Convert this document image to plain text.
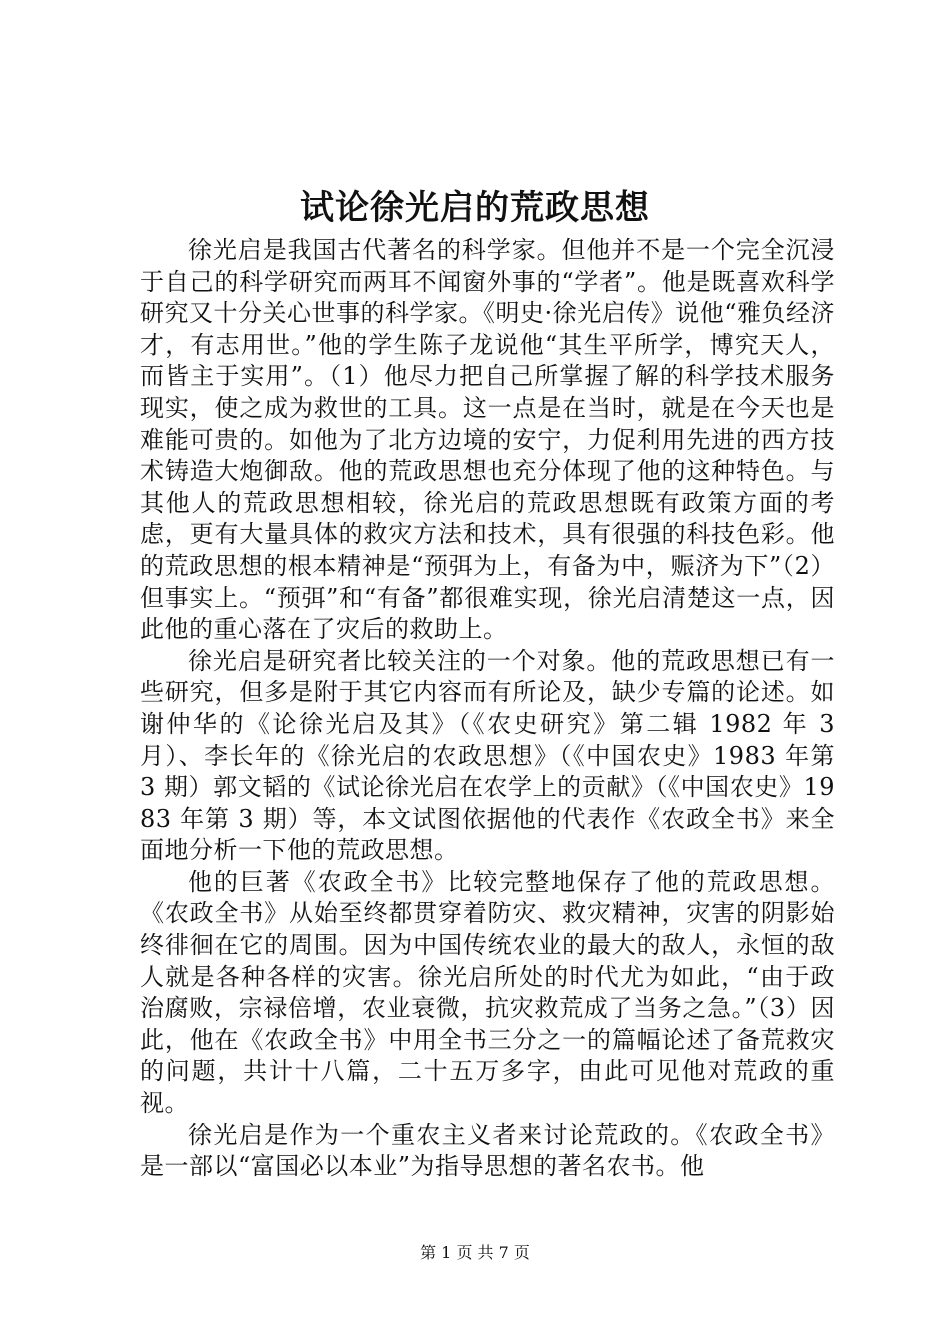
试论徐光启的荒政思想

徐光启是我国古代著名的科学家。但他并不是一个完全沉浸于自己的科学研究而两耳不闻窗外事的“学者”。他是既喜欢科学研究又十分关心世事的科学家。《明史·徐光启传》说他“雅负经济才，有志用世。”他的学生陈子龙说他“其生平所学，博究天人，而皆主于实用”。（1）他尽力把自己所掌握了解的科学技术服务现实，使之成为救世的工具。这一点是在当时，就是在今天也是难能可贵的。如他为了北方边境的安宁，力促利用先进的西方技术铸造大炮御敌。他的荒政思想也充分体现了他的这种特色。与其他人的荒政思想相较，徐光启的荒政思想既有政策方面的考虑，更有大量具体的救灾方法和技术，具有很强的科技色彩。他的荒政思想的根本精神是“预弭为上，有备为中，赈济为下”（2）但事实上。“预弭”和“有备”都很难实现，徐光启清楚这一点，因此他的重心落在了灾后的救助上。

徐光启是研究者比较关注的一个对象。他的荒政思想已有一些研究，但多是附于其它内容而有所论及，缺少专篇的论述。如谢仲华的《论徐光启及其》（《农史研究》第二辑 1982 年 3 月）、李长年的《徐光启的农政思想》（《中国农史》1983 年第 3 期）郭文韬的《试论徐光启在农学上的贡献》（《中国农史》1983 年第 3 期）等，本文试图依据他的代表作《农政全书》来全面地分析一下他的荒政思想。

他的巨著《农政全书》比较完整地保存了他的荒政思想。《农政全书》从始至终都贯穿着防灾、救灾精神，灾害的阴影始终徘徊在它的周围。因为中国传统农业的最大的敌人，永恒的敌人就是各种各样的灾害。徐光启所处的时代尤为如此，“由于政治腐败，宗禄倍增，农业衰微，抗灾救荒成了当务之急。”（3）因此，他在《农政全书》中用全书三分之一的篇幅论述了备荒救灾的问题，共计十八篇，二十五万多字，由此可见他对荒政的重视。

徐光启是作为一个重农主义者来讨论荒政的。《农政全书》是一部以“富国必以本业”为指导思想的著名农书。他

第 1 页 共 7 页
